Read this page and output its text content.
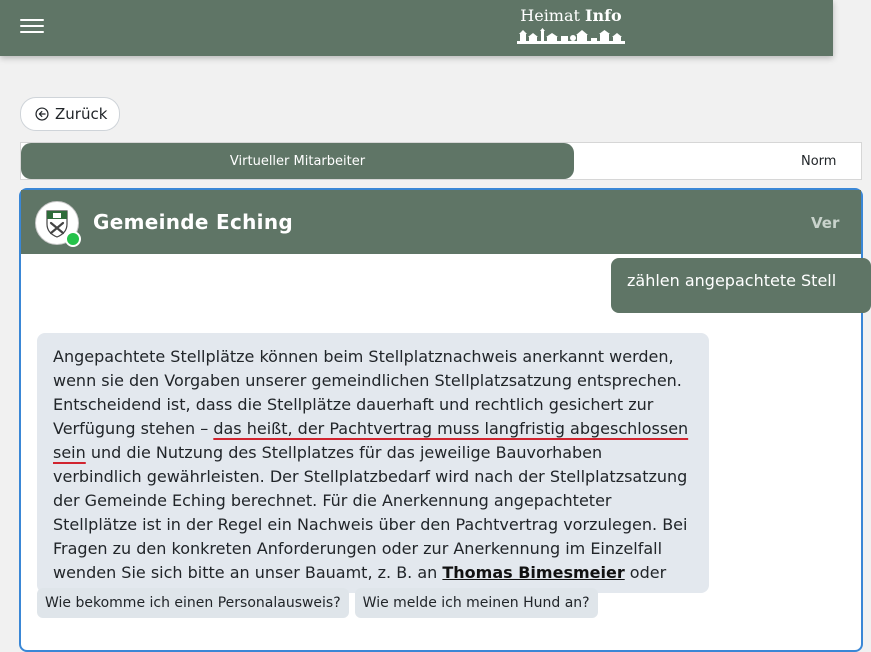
Heimat Info
Zurück
Virtueller Mitarbeiter	Norm
Gemeinde Eching	Ver
zählen angepachtete Stell

Angepachtete Stellplätze können beim Stellplatznachweis anerkannt werden, wenn sie den Vorgaben unserer gemeindlichen Stellplatzsatzung entsprechen. Entscheidend ist, dass die Stellplätze dauerhaft und rechtlich gesichert zur Verfügung stehen – das heißt, der Pachtvertrag muss langfristig abgeschlossen sein und die Nutzung des Stellplatzes für das jeweilige Bauvorhaben verbindlich gewährleisten. Der Stellplatzbedarf wird nach der Stellplatzsatzung der Gemeinde Eching berechnet. Für die Anerkennung angepachteter Stellplätze ist in der Regel ein Nachweis über den Pachtvertrag vorzulegen. Bei Fragen zu den konkreten Anforderungen oder zur Anerkennung im Einzelfall wenden Sie sich bitte an unser Bauamt, z. B. an Thomas Bimesmeier oder

Wie bekomme ich einen Personalausweis?	Wie melde ich meinen Hund an?
